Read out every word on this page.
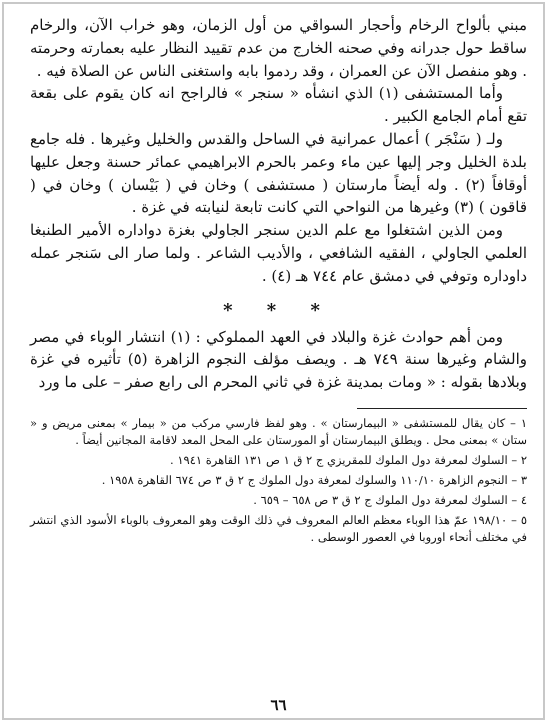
مبني بألواح الرخام وأحجار السواقي من أول الزمان، وهو خراب الآن، والرخام ساقط حول جدرانه وفي صحنه الخارج من عدم تقييد النظار عليه بعمارته وحرمته . وهو منفصل الآن عن العمران ، وقد ردموا بابه واستغنى الناس عن الصلاة فيه .

وأما المستشفى (١) الذي انشأه « سنجر » فالراجح انه كان يقوم على بقعة تقع أمام الجامع الكبير .

ولـ ( سَنْجَر ) أعمال عمرانية في الساحل والقدس والخليل وغيرها . فله جامع بلدة الخليل وجر إليها عين ماء وعمر بالحرم الابراهيمي عمائر حسنة وجعل عليها أوقافاً (٢) . وله أيضاً مارستان ( مستشفى ) وخان في ( بَيْسان ) وخان في ( قاقون ) (٣) وغيرها من النواحي التي كانت تابعة لنيابته في غزة .

ومن الذين اشتغلوا مع علم الدين سنجر الجاولي بغزة دواداره الأمير الطنبغا العلمي الجاولي ، الفقيه الشافعي ، والأديب الشاعر . ولما صار الى سَنجر عمله داوداره وتوفي في دمشق عام ٧٤٤ هـ (٤) .

* * *

ومن أهم حوادث غزة والبلاد في العهد المملوكي : (١) انتشار الوباء في مصر والشام وغيرها سنة ٧٤٩ هـ . ويصف مؤلف النجوم الزاهرة (٥) تأثيره في غزة وبلادها بقوله : « ومات بمدينة غزة في ثاني المحرم الى رابع صفر – على ما ورد

١ – كان يقال للمستشفى « البيمارستان » . وهو لفظ فارسي مركب من « بيمار » بمعنى مريض و « ستان » بمعنى محل . ويطلق البيمارستان أو المورستان على المحل المعد لاقامة المجانين أيضاً .

٢ – السلوك لمعرفة دول الملوك للمقريزي ج ٢ ق ١ ص ١٣١ القاهرة ١٩٤١ .

٣ – النجوم الزاهرة ١١٠/١٠ والسلوك لمعرفة دول الملوك ج ٢ ق ٣ ص ٦٧٤ القاهرة ١٩٥٨ .

٤ – السلوك لمعرفة دول الملوك ج ٢ ق ٣ ص ٦٥٨ – ٦٥٩ .

٥ – ١٩٨/١٠ عمّ هذا الوباء معظم العالم المعروف في ذلك الوقت وهو المعروف بالوباء الأسود الذي انتشر في مختلف أنحاء اوروبا في العصور الوسطى .

٦٦
